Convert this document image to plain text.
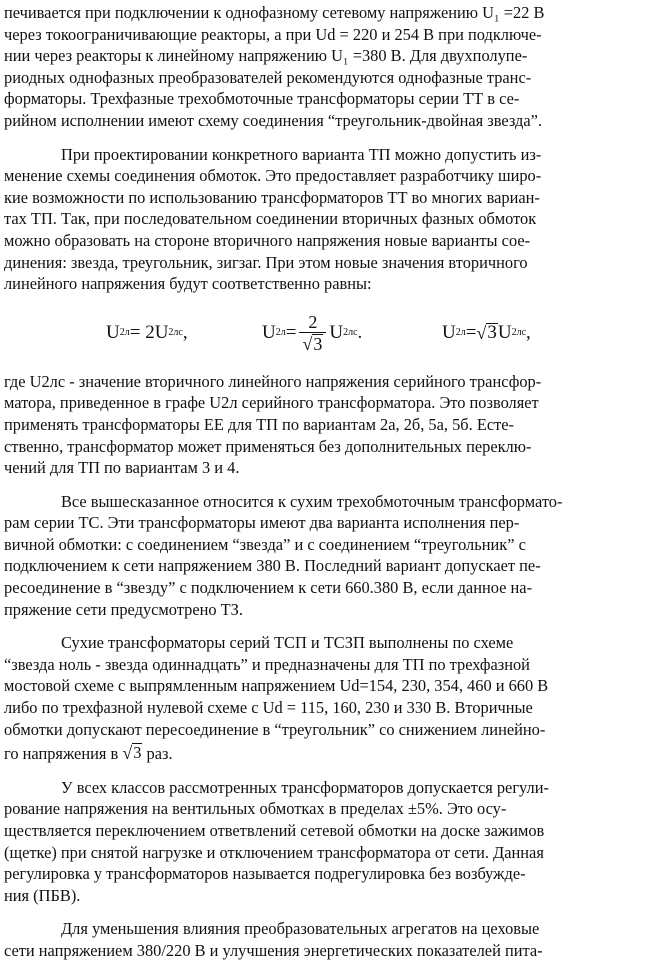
печивается при подключении к однофазному сетевому напряжению U₁ =22 В
через токоограничивающие реакторы, а при Ud = 220 и 254 В при подключе-
нии через реакторы к линейному напряжению U₁ =380 В. Для двухполупе-
риодных однофазных преобразователей рекомендуются однофазные транс-
форматоры. Трехфазные трехобмоточные трансформаторы серии ТТ в се-
рийном исполнении имеют схему соединения “треугольник-двойная звезда”.
При проектировании конкретного варианта ТП можно допустить из-
менение схемы соединения обмоток. Это предоставляет разработчику широ-
кие возможности по использованию трансформаторов ТТ во многих вариан-
тах ТП. Так, при последовательном соединении вторичных фазных обмоток
можно образовать на стороне вторичного напряжения новые варианты сое-
динения: звезда, треугольник, зигзаг. При этом новые значения вторичного
линейного напряжения будут соответственно равны:
U 2л = 2U 2лс ,	U $2л = \frac{2}{√ 3}$ U 2лс .	U 2л = √ 3 U 2лс ,
где U2лс - значение вторичного линейного напряжения серийного трансфор-
матора, приведенное в графе U2л серийного трансформатора. Это позволяет
применять трансформаторы ЕЕ для ТП по вариантам 2а, 2б, 5а, 5б. Есте-
ственно, трансформатор может применяться без дополнительных переклю-
чений для ТП по вариантам 3 и 4.
Все вышесказанное относится к сухим трехобмоточным трансформато-
рам серии ТС. Эти трансформаторы имеют два варианта исполнения пер-
вичной обмотки: с соединением “звезда” и с соединением “треугольник” с
подключением к сети напряжением 380 В. Последний вариант допускает пе-
ресоединение в “звезду” с подключением к сети 660.380 В, если данное на-
пряжение сети предусмотрено ТЗ.
Сухие трансформаторы серий ТСП и ТСЗП выполнены по схеме
“звезда ноль - звезда одиннадцать” и предназначены для ТП по трехфазной
мостовой схеме с выпрямленным напряжением Ud=154, 230, 354, 460 и 660 В
либо по трехфазной нулевой схеме с Ud = 115, 160, 230 и 330 В. Вторичные
обмотки допускают пересоединение в “треугольник” со снижением линейно-
го напряжения в √ 3 раз.
У всех классов рассмотренных трансформаторов допускается регули-
рование напряжения на вентильных обмотках в пределах ±5%. Это осу-
ществляется переключением ответвлений сетевой обмотки на доске зажимов
(щетке) при снятой нагрузке и отключением трансформатора от сети. Данная
регулировка у трансформаторов называется подрегулировка без возбужде-
ния (ПБВ).
Для уменьшения влияния преобразовательных агрегатов на цеховые
сети напряжением 380/220 В и улучшения энергетических показателей пита-
